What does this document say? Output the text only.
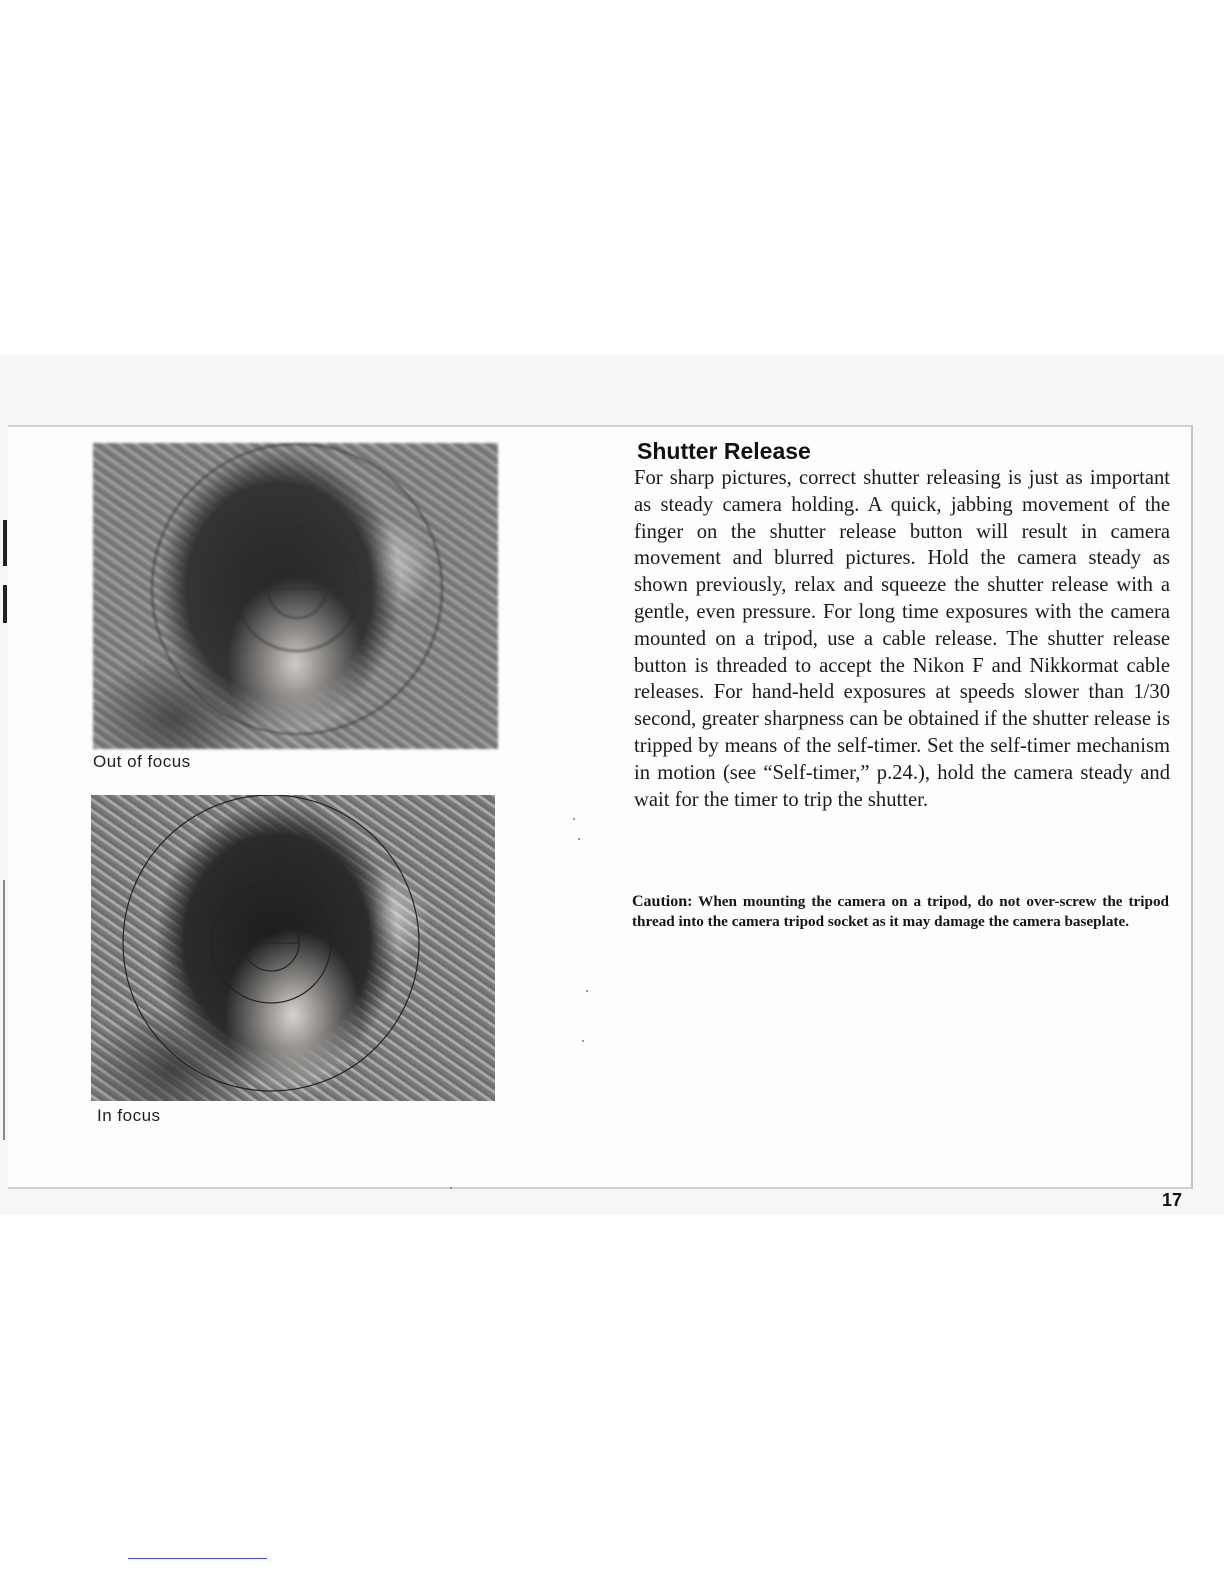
Out of focus
In focus
Shutter Release

For sharp pictures, correct shutter releasing is just as important as steady camera holding. A quick, jabbing movement of the finger on the shutter release button will result in camera movement and blurred pictures. Hold the camera steady as shown previously, relax and squeeze the shutter release with a gentle, even pressure. For long time exposures with the camera mounted on a tripod, use a cable release. The shutter release button is threaded to accept the Nikon F and Nikkormat cable releases. For hand-held exposures at speeds slower than 1/30 second, greater sharpness can be obtained if the shutter release is tripped by means of the self-timer. Set the self-timer mechanism in motion (see “Self-timer,” p.24.), hold the camera steady and wait for the timer to trip the shutter.

Caution: When mounting the camera on a tripod, do not over-screw the tripod thread into the camera tripod socket as it may damage the camera baseplate.

17
